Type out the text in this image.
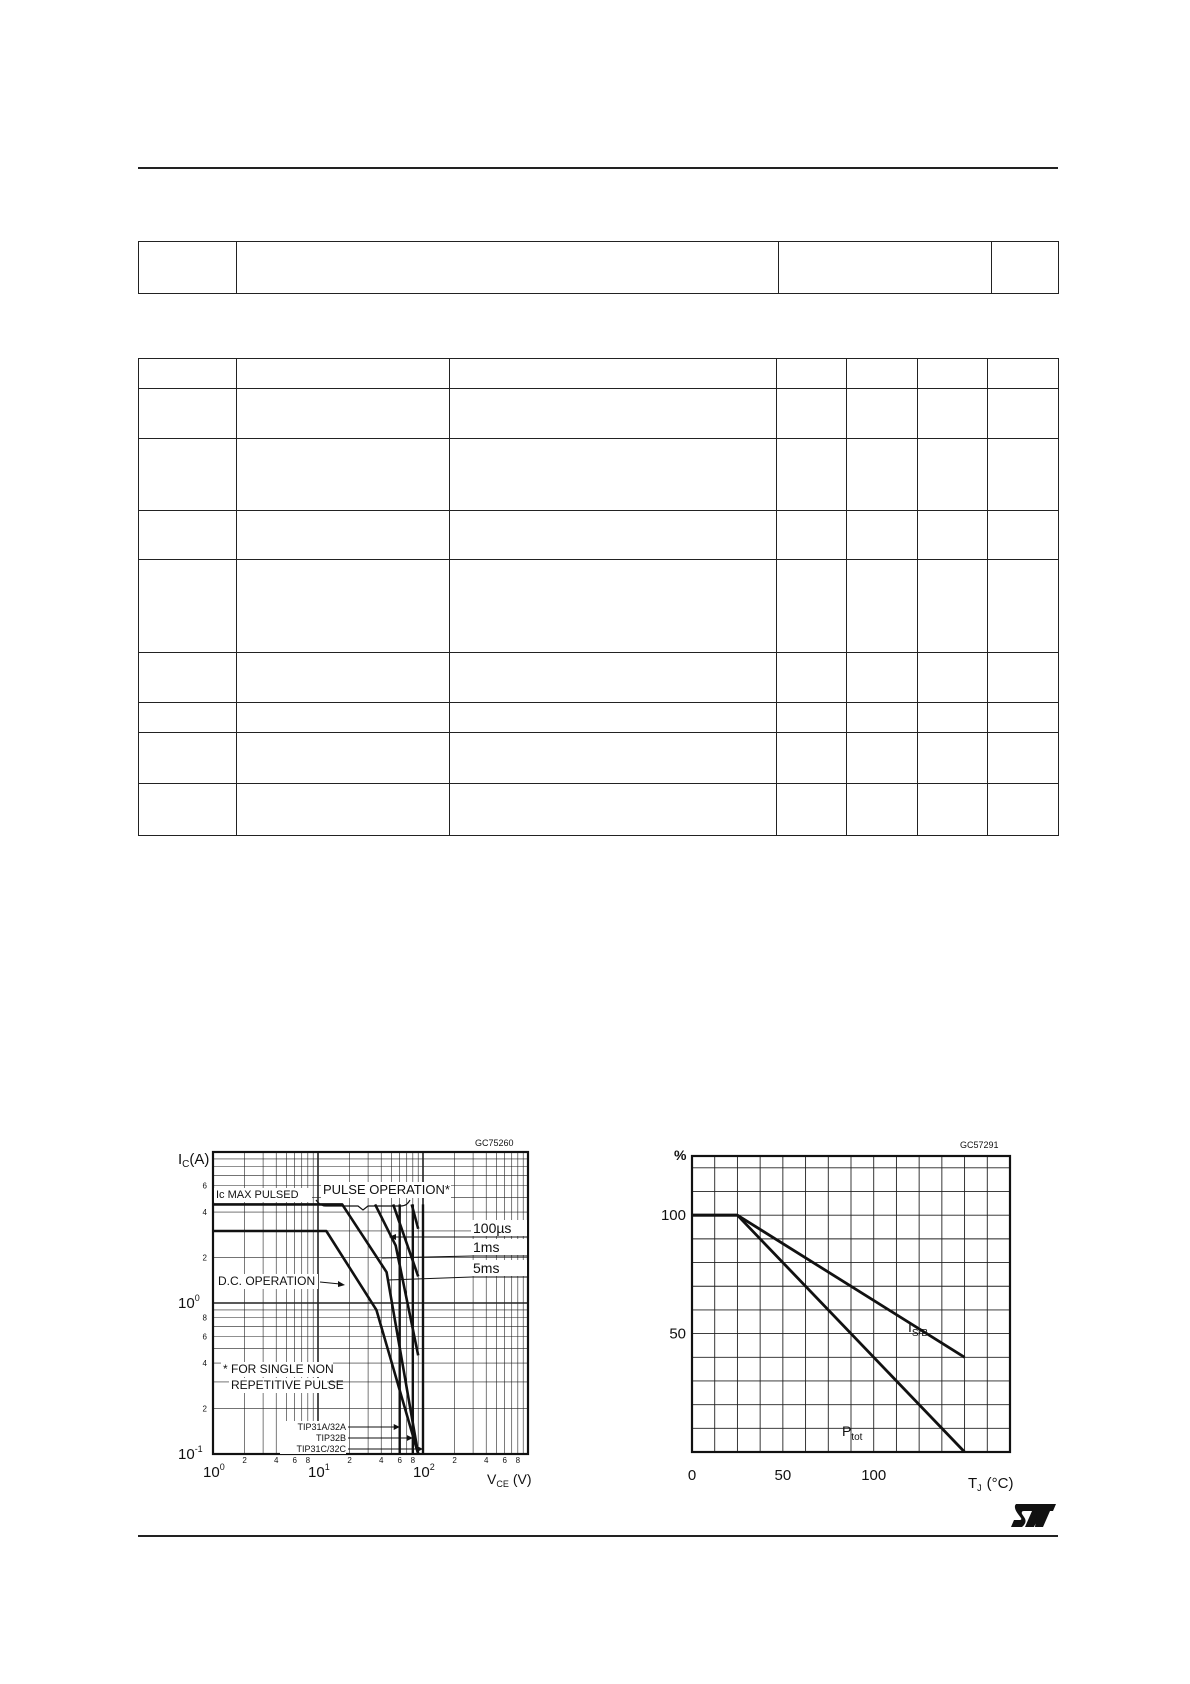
$10^0$	$10^1$	$10^2$
2	4 6 8	2	4 6 8	2	4 6 8
$10^0$
$10^{-1}$
6
4
2
8
6
4
2
Ic MAX PULSED PULSE OPERATION*
100µs
1ms
5ms
D.C. OPERATION
* FOR SINGLE NON
REPETITIVE PULSE
TIP31A/32A
TIP32B
TIP31C/32C
GC75260
$I_C(A)$
$V_{CE}$ (V)	0	50	100
50
100
$I_{S/B}$
$P_{tot}$
GC57291
%
$T_J$ (°C)
